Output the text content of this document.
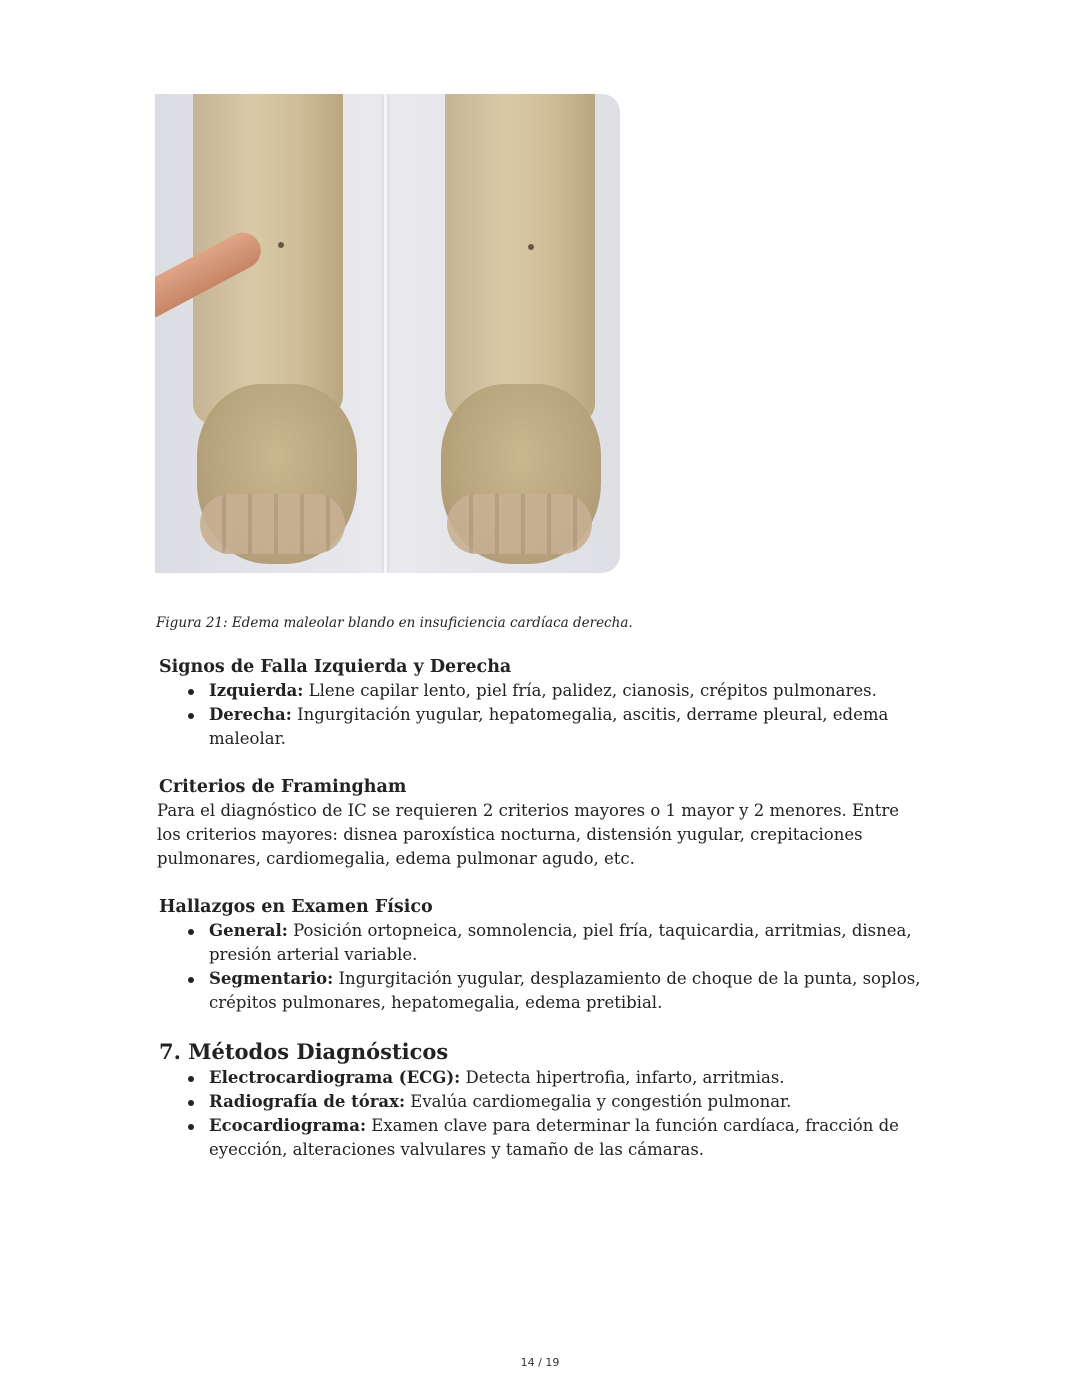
Figura 21: Edema maleolar blando en insuficiencia cardíaca derecha.
Signos de Falla Izquierda y Derecha
Izquierda: Llene capilar lento, piel fría, palidez, cianosis, crépitos pulmonares.
Derecha: Ingurgitación yugular, hepatomegalia, ascitis, derrame pleural, edema maleolar.
Criterios de Framingham

Para el diagnóstico de IC se requieren 2 criterios mayores o 1 mayor y 2 menores. Entre los criterios mayores: disnea paroxística nocturna, distensión yugular, crepitaciones pulmonares, cardiomegalia, edema pulmonar agudo, etc.

Hallazgos en Examen Físico
General: Posición ortopneica, somnolencia, piel fría, taquicardia, arritmias, disnea, presión arterial variable.
Segmentario: Ingurgitación yugular, desplazamiento de choque de la punta, soplos, crépitos pulmonares, hepatomegalia, edema pretibial.
7. Métodos Diagnósticos
Electrocardiograma (ECG): Detecta hipertrofia, infarto, arritmias.
Radiografía de tórax: Evalúa cardiomegalia y congestión pulmonar.
Ecocardiograma: Examen clave para determinar la función cardíaca, fracción de eyección, alteraciones valvulares y tamaño de las cámaras.
14 / 19
